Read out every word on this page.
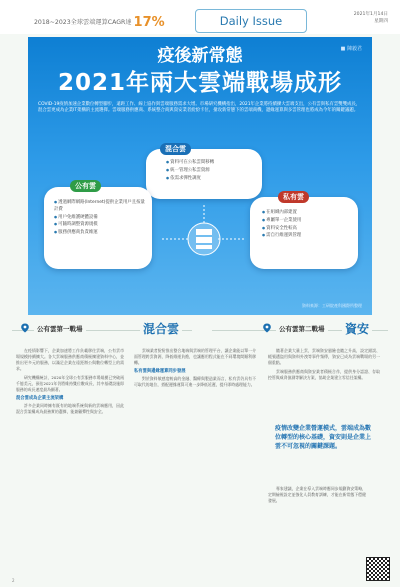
2018~2023全球雲端運算CAGR達 17%	Daily Issue	2021年1月14日
星期四
■ 陳毅君
疫後新常態
2021年兩大雲端戰場成形
COVID-19疫情加速企業數位轉型腳步，遠距工作、線上協作與雲端服務需求大增。市場研究機構指出，2021年企業將持續擴大雲端支出，公有雲與私有雲雙雙成長，混合雲更成為企業IT架構的主流選擇。雲端服務供應商、系統整合商與資安業者紛紛卡位，搶攻新常態下的雲端商機，邊緣運算與多雲管理也將成為今年的關鍵議題。
混合雲
● 資料可在公私雲間移轉
● 統一管理公私雲資源
● 依需求彈性調度
公有雲
● 透過網際網路(Internet)提供企業用戶且按量計費
● 用戶免維護硬體設備
● 可隨時調整資源規模
● 服務供應商負責維運
私有雲
● 在組織內部建置
● 專屬單一企業使用
● 資料安全性較高
● 需自行維運與管理
資料來源：工研院產科國際所整理
公有雲第一戰場	混合雲	公有雲第二戰場 資安

在疫情影響下，企業加速將工作負載移往雲端，公有雲市場規模持續擴大。各大雲端服務供應商積極擴建資料中心，並推出更多元的服務，以滿足企業在遠距辦公與數位轉型上的需求。

研究機構統計，2020年全球公有雲服務市場規模已突破兩千億美元，預估2021年仍將維持雙位數成長，其中基礎設施即服務的成長速度最為顯著。

混合雲成為企業主流架構

許多企業同時擁有既有的地端系統與新的雲端應用，因此混合雲架構成為最務實的選擇，能兼顧彈性與安全。

雲端業者紛紛推出整合地端與雲端的管理平台，讓企業能以單一介面管理跨雲資源，降低維運負擔，也讓應用程式能在不同環境間順利移轉。

私有雲與邊緣運算同步發展

對於資料敏感度較高的金融、醫療與製造業而言，私有雲仍具有不可取代的地位，搭配邊緣運算可進一步降低延遲，提升即時處理能力。

隨著企業大量上雲，雲端資安風險也隨之升高，設定錯誤、帳號遭盜用與資料外洩等事件頻傳，資安已成為雲端戰場的另一個重點。

雲端服務供應商與資安業者積極合作，提供身分認證、存取控管與威脅偵測等解決方案，協助企業建立零信任架構。

疫情改變企業營運模式，雲端成為數位轉型的核心基礎，資安則是企業上雲不可忽視的關鍵課題。

專家建議，企業在導入雲端時應同步規劃資安策略，定期檢視設定並強化人員教育訓練，才能在新常態下穩健發展。

2
